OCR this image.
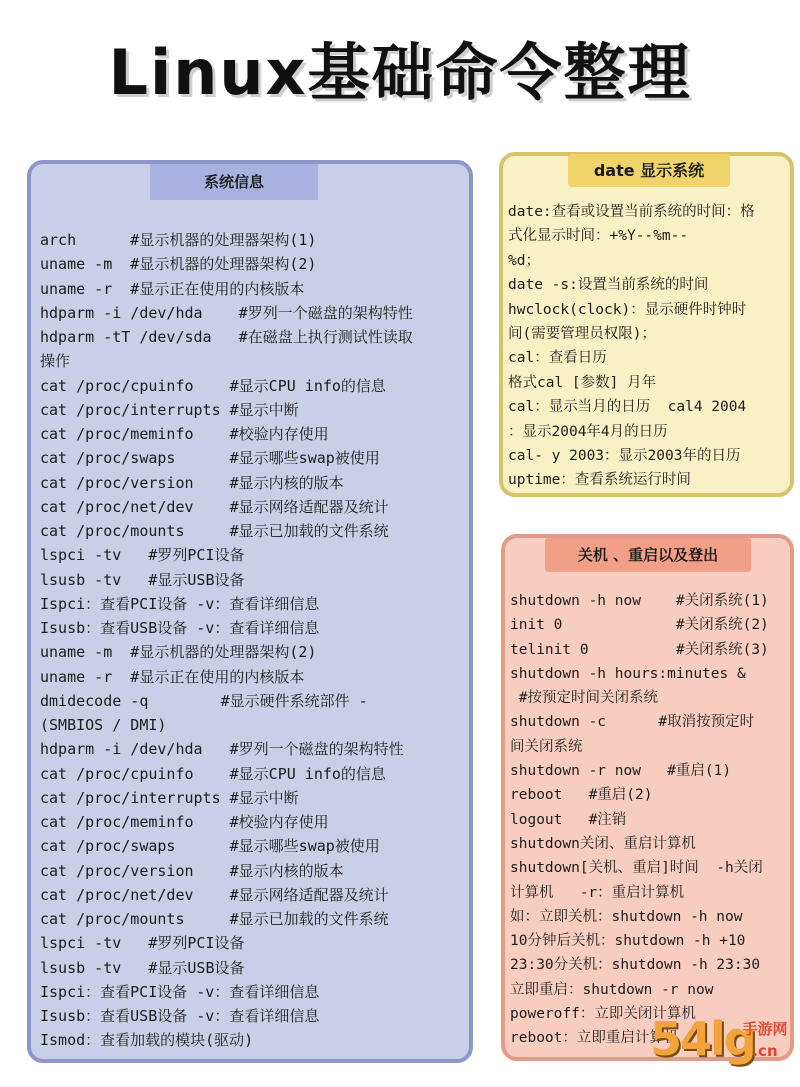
Linux基础命令整理
系统信息
arch      #显示机器的处理器架构(1)
uname -m  #显示机器的处理器架构(2)
uname -r  #显示正在使用的内核版本
hdparm -i /dev/hda    #罗列一个磁盘的架构特性
hdparm -tT /dev/sda   #在磁盘上执行测试性读取
操作
cat /proc/cpuinfo    #显示CPU info的信息
cat /proc/interrupts #显示中断
cat /proc/meminfo    #校验内存使用
cat /proc/swaps      #显示哪些swap被使用
cat /proc/version    #显示内核的版本
cat /proc/net/dev    #显示网络适配器及统计
cat /proc/mounts     #显示已加载的文件系统
lspci -tv   #罗列PCI设备
lsusb -tv   #显示USB设备
Ispci：查看PCI设备 -v：查看详细信息
Isusb：查看USB设备 -v：查看详细信息
uname -m  #显示机器的处理器架构(2)
uname -r  #显示正在使用的内核版本
dmidecode -q        #显示硬件系统部件 -
(SMBIOS / DMI)
hdparm -i /dev/hda   #罗列一个磁盘的架构特性
cat /proc/cpuinfo    #显示CPU info的信息
cat /proc/interrupts #显示中断
cat /proc/meminfo    #校验内存使用
cat /proc/swaps      #显示哪些swap被使用
cat /proc/version    #显示内核的版本
cat /proc/net/dev    #显示网络适配器及统计
cat /proc/mounts     #显示已加载的文件系统
lspci -tv   #罗列PCI设备
lsusb -tv   #显示USB设备
Ispci：查看PCI设备 -v：查看详细信息
Isusb：查看USB设备 -v：查看详细信息
Ismod：查看加载的模块(驱动)
date 显示系统
date:查看或设置当前系统的时间：格
式化显示时间：+%Y--%m--
%d；
date -s:设置当前系统的时间
hwclock(clock)：显示硬件时钟时
间(需要管理员权限)；
cal：查看日历
格式cal [参数] 月年
cal：显示当月的日历  cal4 2004
：显示2004年4月的日历
cal- y 2003：显示2003年的日历
uptime：查看系统运行时间
关机 、重启以及登出
shutdown -h now    #关闭系统(1)
init 0             #关闭系统(2)
telinit 0          #关闭系统(3)
shutdown -h hours:minutes &
#按预定时间关闭系统
shutdown -c      #取消按预定时
间关闭系统
shutdown -r now   #重启(1)
reboot   #重启(2)
logout   #注销
shutdown关闭、重启计算机
shutdown[关机、重启]时间  -h关闭
计算机   -r：重启计算机
如：立即关机：shutdown -h now
10分钟后关机：shutdown -h +10
23:30分关机：shutdown -h 23:30
立即重启：shutdown -r now
poweroff：立即关闭计算机
reboot：立即重启计算机
54lg
手游网
.cn
